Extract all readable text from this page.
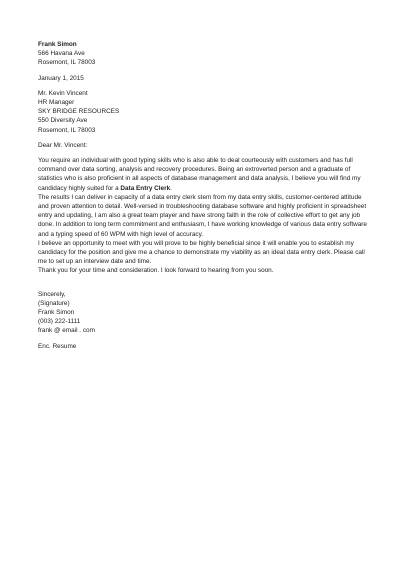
Frank Simon

566 Havana Ave

Rosemont, IL 78003

January 1, 2015

Mr. Kevin Vincent

HR Manager

SKY BRIDGE RESOURCES

550 Diversity Ave

Rosemont, IL 78003

Dear Mr. Vincent:

You require an individual with good typing skills who is also able to deal courteously with customers and has full command over data sorting, analysis and recovery procedures. Being an extroverted person and a graduate of statistics who is also proficient in all aspects of database management and data analysis, I believe you will find my candidacy highly suited for a Data Entry Clerk.

The results I can deliver in capacity of a data entry clerk stem from my data entry skills, customer-centered attitude and proven attention to detail. Well-versed in troubleshooting database software and highly proficient in spreadsheet entry and updating, I am also a great team player and have strong faith in the role of collective effort to get any job done. In addition to long term commitment and enthusiasm, I have working knowledge of various data entry software and a typing speed of 60 WPM with high level of accuracy.

I believe an opportunity to meet with you will prove to be highly beneficial since it will enable you to establish my candidacy for the position and give me a chance to demonstrate my viability as an ideal data entry clerk. Please call me to set up an interview date and time.

Thank you for your time and consideration. I look forward to hearing from you soon.

Sincerely,

(Signature)

Frank Simon

(003) 222-1111

frank @ email . com

Enc. Resume
